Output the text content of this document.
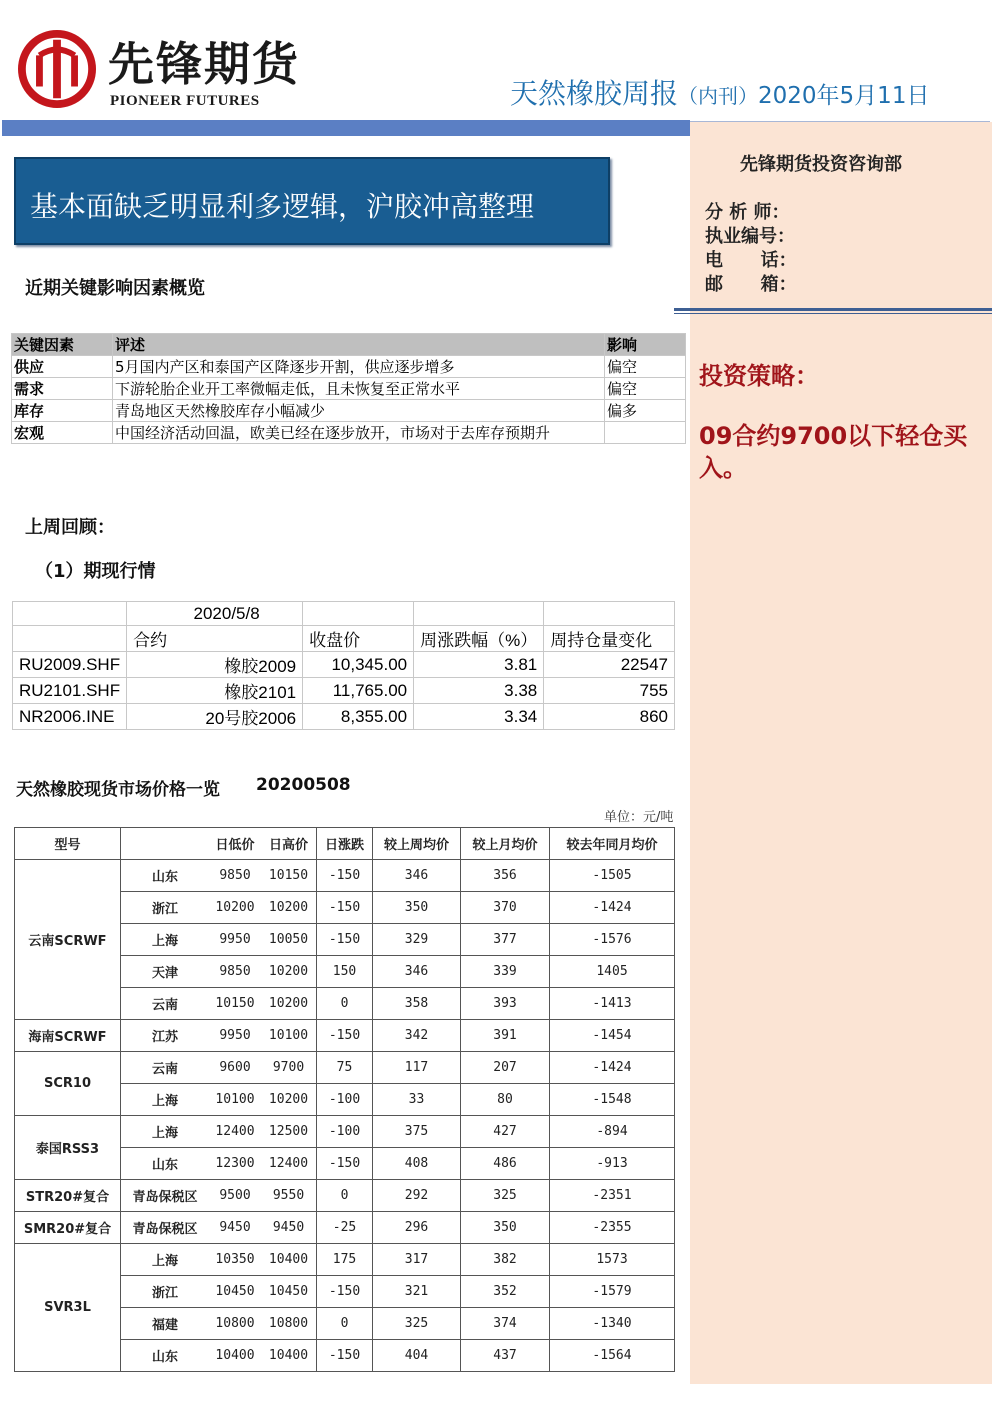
先锋期货
PIONEER FUTURES	天然橡胶周报（内刊）2020年5月11日
先锋期货投资咨询部
分 析 师：
执业编号：
电      话：
邮      箱：
投资策略：
09合约9700以下轻仓买入。
基本面缺乏明显利多逻辑，沪胶冲高整理
近期关键影响因素概览
关键因素	评述	影响
供应	5月国内产区和泰国产区降逐步开割，供应逐步增多	偏空
需求	下游轮胎企业开工率微幅走低，且未恢复至正常水平	偏空
库存	青岛地区天然橡胶库存小幅减少	偏多
宏观	中国经济活动回温，欧美已经在逐步放开，市场对于去库存预期升	
上周回顾：
（1）期现行情
	2020/5/8			
	合约	收盘价	周涨跌幅（%）	周持仓量变化
RU2009.SHF	橡胶2009	10,345.00	3.81	22547
RU2101.SHF	橡胶2101	11,765.00	3.38	755
NR2006.INE	20号胶2006	8,355.00	3.34	860
天然橡胶现货市场价格一览 20200508
单位：元/吨
型号		日低价	日高价	日涨跌	较上周均价	较上月均价	较去年同月均价
云南SCRWF	山东	9850	10150	-150	346	356	-1505
	浙江	10200	10200	-150	350	370	-1424
	上海	9950	10050	-150	329	377	-1576
	天津	9850	10200	150	346	339	1405
	云南	10150	10200	0	358	393	-1413
海南SCRWF	江苏	9950	10100	-150	342	391	-1454
SCR10	云南	9600	9700	75	117	207	-1424
	上海	10100	10200	-100	33	80	-1548
泰国RSS3	上海	12400	12500	-100	375	427	-894
	山东	12300	12400	-150	408	486	-913
STR20#复合	青岛保税区	9500	9550	0	292	325	-2351
SMR20#复合	青岛保税区	9450	9450	-25	296	350	-2355
SVR3L	上海	10350	10400	175	317	382	1573
	浙江	10450	10450	-150	321	352	-1579
	福建	10800	10800	0	325	374	-1340
	山东	10400	10400	-150	404	437	-1564
